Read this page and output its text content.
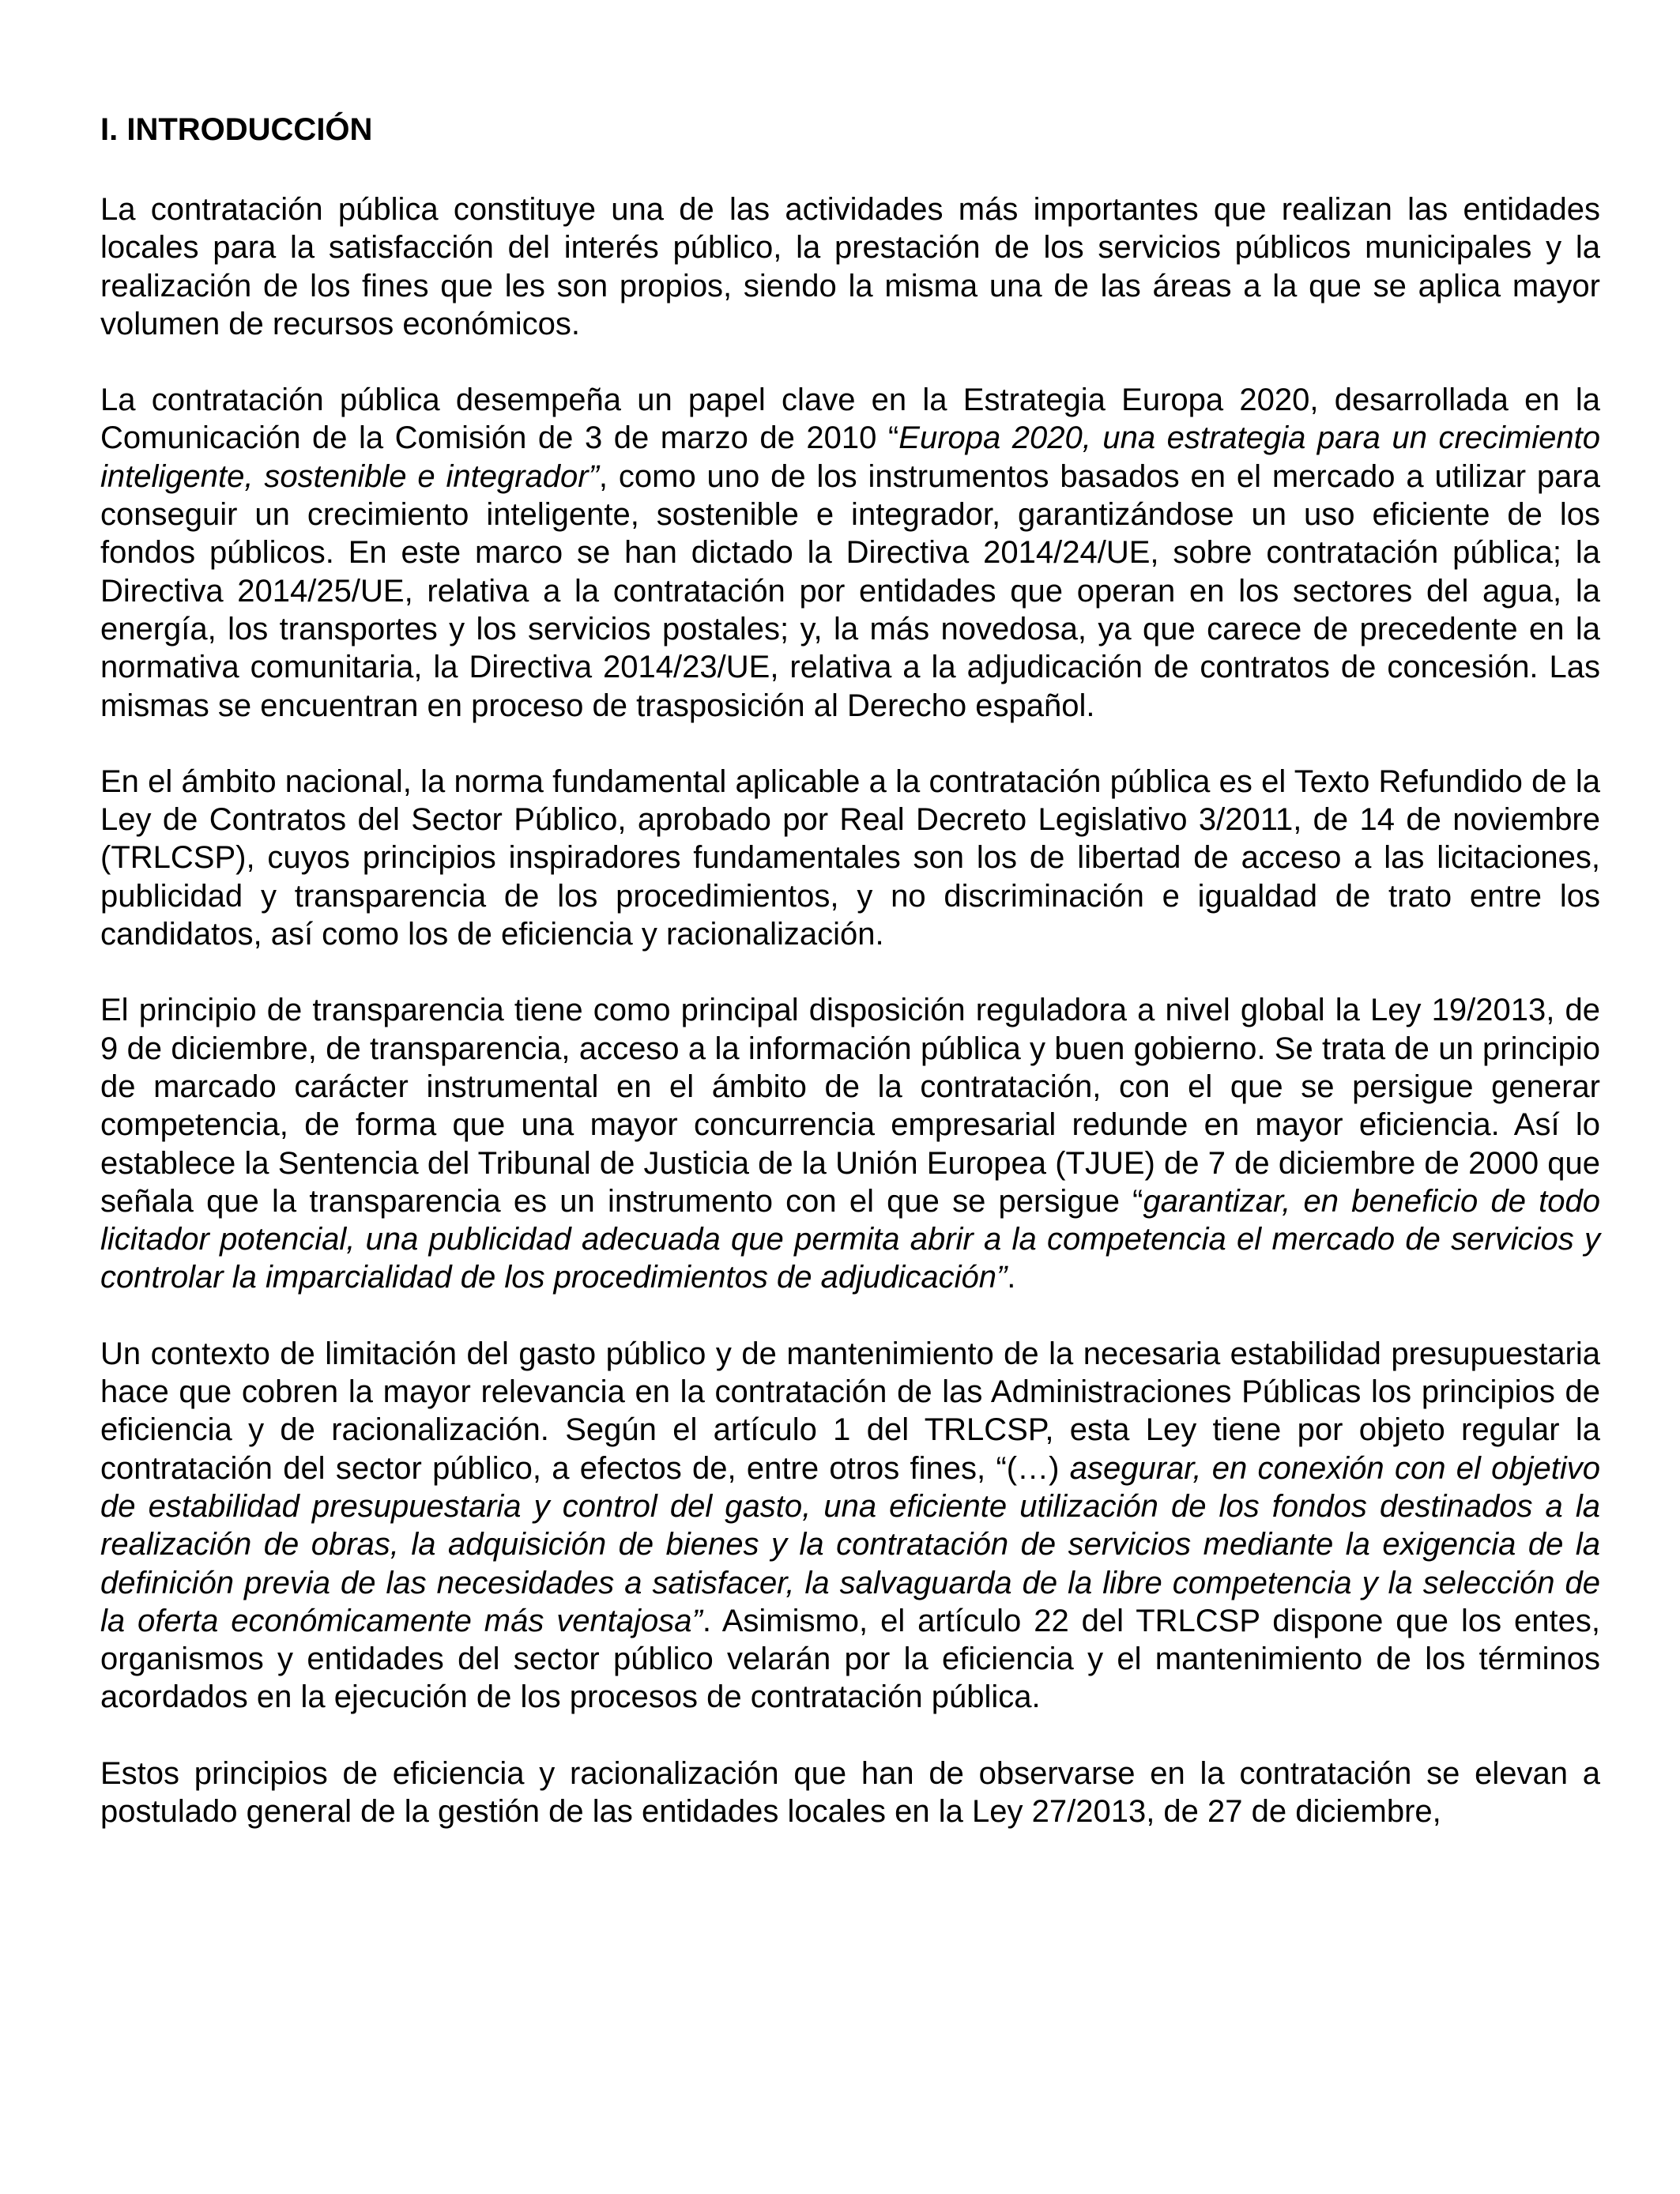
I. INTRODUCCIÓN

La contratación pública constituye una de las actividades más importantes que realizan las entidades locales para la satisfacción del interés público, la prestación de los servicios públicos municipales y la realización de los fines que les son propios, siendo la misma una de las áreas a la que se aplica mayor volumen de recursos económicos.

La contratación pública desempeña un papel clave en la Estrategia Europa 2020, desarrollada en la Comunicación de la Comisión de 3 de marzo de 2010 “Europa 2020, una estrategia para un crecimiento inteligente, sostenible e integrador”, como uno de los instrumentos basados en el mercado a utilizar para conseguir un crecimiento inteligente, sostenible e integrador, garantizándose un uso eficiente de los fondos públicos. En este marco se han dictado la Directiva 2014/24/UE, sobre contratación pública; la Directiva 2014/25/UE, relativa a la contratación por entidades que operan en los sectores del agua, la energía, los transportes y los servicios postales; y, la más novedosa, ya que carece de precedente en la normativa comunitaria, la Directiva 2014/23/UE, relativa a la adjudicación de contratos de concesión. Las mismas se encuentran en proceso de trasposición al Derecho español.

En el ámbito nacional, la norma fundamental aplicable a la contratación pública es el Texto Refundido de la Ley de Contratos del Sector Público, aprobado por Real Decreto Legislativo 3/2011, de 14 de noviembre (TRLCSP), cuyos principios inspiradores fundamentales son los de libertad de acceso a las licitaciones, publicidad y transparencia de los procedimientos, y no discriminación e igualdad de trato entre los candidatos, así como los de eficiencia y racionalización.

El principio de transparencia tiene como principal disposición reguladora a nivel global la Ley 19/2013, de 9 de diciembre, de transparencia, acceso a la información pública y buen gobierno. Se trata de un principio de marcado carácter instrumental en el ámbito de la contratación, con el que se persigue generar competencia, de forma que una mayor concurrencia empresarial redunde en mayor eficiencia. Así lo establece la Sentencia del Tribunal de Justicia de la Unión Europea (TJUE) de 7 de diciembre de 2000 que señala que la transparencia es un instrumento con el que se persigue “garantizar, en beneficio de todo licitador potencial, una publicidad adecuada que permita abrir a la competencia el mercado de servicios y controlar la imparcialidad de los procedimientos de adjudicación”.

Un contexto de limitación del gasto público y de mantenimiento de la necesaria estabilidad presupuestaria hace que cobren la mayor relevancia en la contratación de las Administraciones Públicas los principios de eficiencia y de racionalización. Según el artículo 1 del TRLCSP, esta Ley tiene por objeto regular la contratación del sector público, a efectos de, entre otros fines, “(…) asegurar, en conexión con el objetivo de estabilidad presupuestaria y control del gasto, una eficiente utilización de los fondos destinados a la realización de obras, la adquisición de bienes y la contratación de servicios mediante la exigencia de la definición previa de las necesidades a satisfacer, la salvaguarda de la libre competencia y la selección de la oferta económicamente más ventajosa”. Asimismo, el artículo 22 del TRLCSP dispone que los entes, organismos y entidades del sector público velarán por la eficiencia y el mantenimiento de los términos acordados en la ejecución de los procesos de contratación pública.

Estos principios de eficiencia y racionalización que han de observarse en la contratación se elevan a postulado general de la gestión de las entidades locales en la Ley 27/2013, de 27 de diciembre,
